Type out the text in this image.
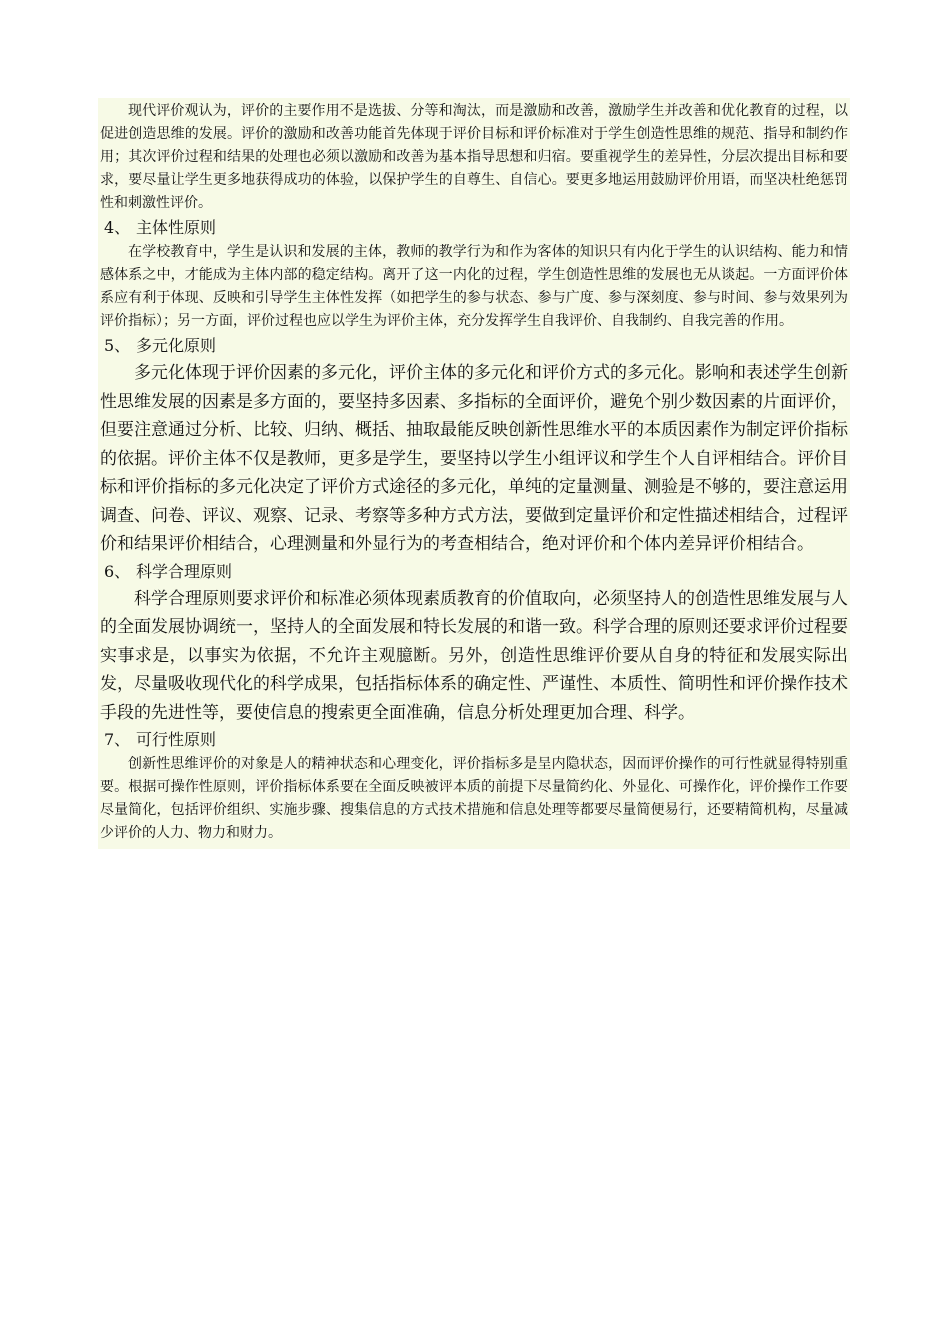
现代评价观认为，评价的主要作用不是选拔、分等和淘汰，而是激励和改善，激励学生并改善和优化教育的过程，以促进创造思维的发展。评价的激励和改善功能首先体现于评价目标和评价标准对于学生创造性思维的规范、指导和制约作用；其次评价过程和结果的处理也必须以激励和改善为基本指导思想和归宿。要重视学生的差异性，分层次提出目标和要求，要尽量让学生更多地获得成功的体验，以保护学生的自尊生、自信心。要更多地运用鼓励评价用语，而坚决杜绝惩罚性和刺激性评价。

4、 主体性原则

在学校教育中，学生是认识和发展的主体，教师的教学行为和作为客体的知识只有内化于学生的认识结构、能力和情感体系之中，才能成为主体内部的稳定结构。离开了这一内化的过程，学生创造性思维的发展也无从谈起。一方面评价体系应有利于体现、反映和引导学生主体性发挥（如把学生的参与状态、参与广度、参与深刻度、参与时间、参与效果列为评价指标）；另一方面，评价过程也应以学生为评价主体，充分发挥学生自我评价、自我制约、自我完善的作用。

5、 多元化原则

多元化体现于评价因素的多元化，评价主体的多元化和评价方式的多元化。影响和表述学生创新性思维发展的因素是多方面的，要坚持多因素、多指标的全面评价，避免个别少数因素的片面评价，但要注意通过分析、比较、归纳、概括、抽取最能反映创新性思维水平的本质因素作为制定评价指标的依据。评价主体不仅是教师，更多是学生，要坚持以学生小组评议和学生个人自评相结合。评价目标和评价指标的多元化决定了评价方式途径的多元化，单纯的定量测量、测验是不够的，要注意运用调查、问卷、评议、观察、记录、考察等多种方式方法，要做到定量评价和定性描述相结合，过程评价和结果评价相结合，心理测量和外显行为的考查相结合，绝对评价和个体内差异评价相结合。

6、 科学合理原则

科学合理原则要求评价和标准必须体现素质教育的价值取向，必须坚持人的创造性思维发展与人的全面发展协调统一，坚持人的全面发展和特长发展的和谐一致。科学合理的原则还要求评价过程要实事求是，以事实为依据，不允许主观臆断。另外，创造性思维评价要从自身的特征和发展实际出发，尽量吸收现代化的科学成果，包括指标体系的确定性、严谨性、本质性、简明性和评价操作技术手段的先进性等，要使信息的搜索更全面准确，信息分析处理更加合理、科学。

7、 可行性原则

创新性思维评价的对象是人的精神状态和心理变化，评价指标多是呈内隐状态，因而评价操作的可行性就显得特别重要。根据可操作性原则，评价指标体系要在全面反映被评本质的前提下尽量简约化、外显化、可操作化，评价操作工作要尽量简化，包括评价组织、实施步骤、搜集信息的方式技术措施和信息处理等都要尽量简便易行，还要精简机构，尽量减少评价的人力、物力和财力。
